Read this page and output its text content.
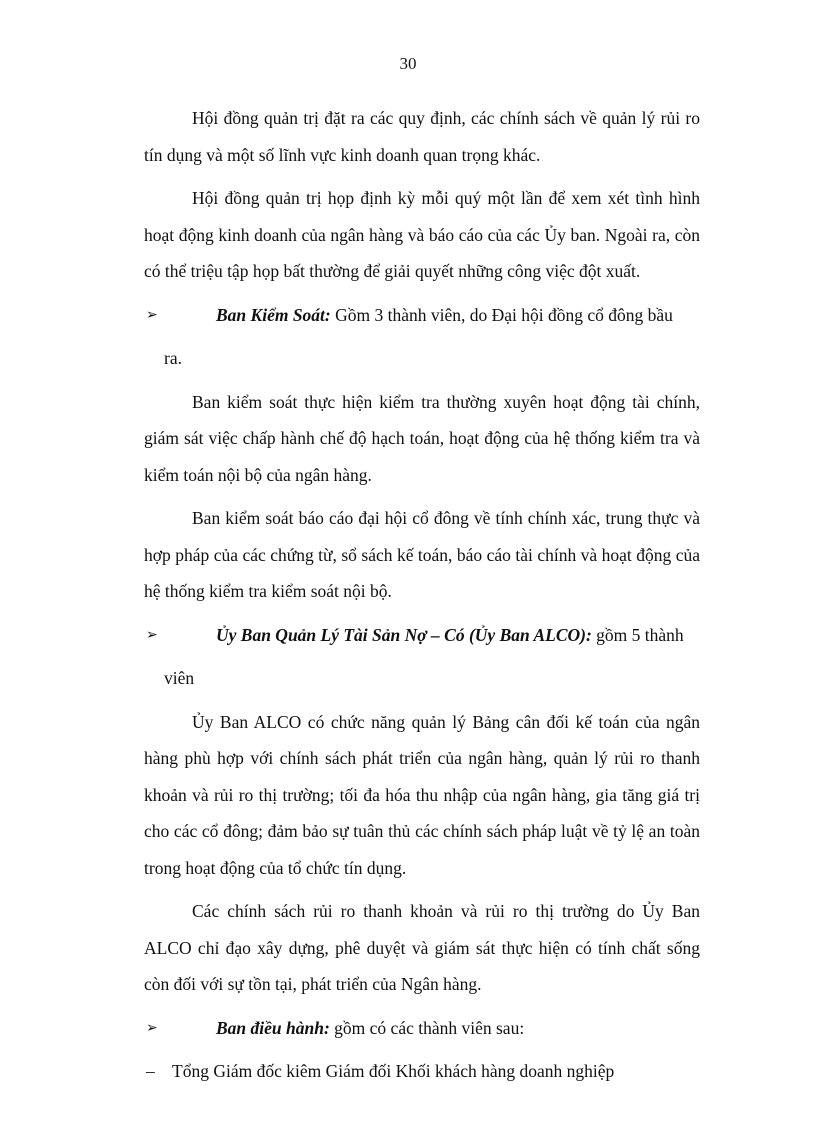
30

Hội đồng quản trị đặt ra các quy định, các chính sách về quản lý rủi ro tín dụng và một số lĩnh vực kinh doanh quan trọng khác.

Hội đồng quản trị họp định kỳ mỗi quý một lần để xem xét tình hình hoạt động kinh doanh của ngân hàng và báo cáo của các Ủy ban. Ngoài ra, còn có thể triệu tập họp bất thường để giải quyết những công việc đột xuất.

➢	Ban Kiểm Soát: Gồm 3 thành viên, do Đại hội đồng cổ đông bầu
ra.

Ban kiểm soát thực hiện kiểm tra thường xuyên hoạt động tài chính, giám sát việc chấp hành chế độ hạch toán, hoạt động của hệ thống kiểm tra và kiểm toán nội bộ của ngân hàng.

Ban kiểm soát báo cáo đại hội cổ đông về tính chính xác, trung thực và hợp pháp của các chứng từ, sổ sách kế toán, báo cáo tài chính và hoạt động của hệ thống kiểm tra kiểm soát nội bộ.

➢	Ủy Ban Quản Lý Tài Sản Nợ – Có (Ủy Ban ALCO): gồm 5 thành
viên

Ủy Ban ALCO có chức năng quản lý Bảng cân đối kế toán của ngân hàng phù hợp với chính sách phát triển của ngân hàng, quản lý rủi ro thanh khoản và rủi ro thị trường; tối đa hóa thu nhập của ngân hàng, gia tăng giá trị cho các cổ đông; đảm bảo sự tuân thủ các chính sách pháp luật về tỷ lệ an toàn trong hoạt động của tổ chức tín dụng.

Các chính sách rủi ro thanh khoản và rủi ro thị trường do Ủy Ban ALCO chỉ đạo xây dựng, phê duyệt và giám sát thực hiện có tính chất sống còn đối với sự tồn tại, phát triển của Ngân hàng.

➢	Ban điều hành: gồm có các thành viên sau:
– Tổng Giám đốc kiêm Giám đối Khối khách hàng doanh nghiệp
